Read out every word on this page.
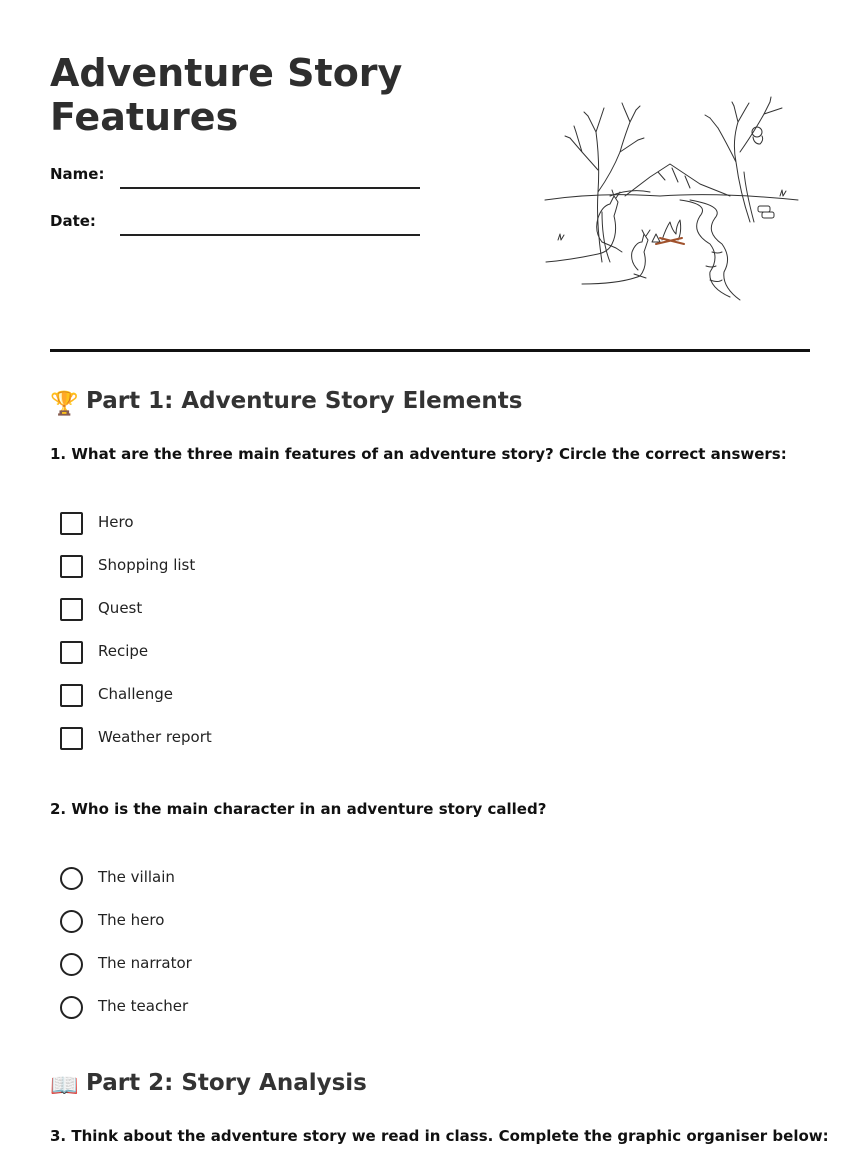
Adventure Story Features
Name:
Date:
🏆 Part 1: Adventure Story Elements

1. What are the three main features of an adventure story? Circle the correct answers:

Hero
Shopping list
Quest
Recipe
Challenge
Weather report

2. Who is the main character in an adventure story called?

The villain
The hero
The narrator
The teacher
📖 Part 2: Story Analysis

3. Think about the adventure story we read in class. Complete the graphic organiser below:
